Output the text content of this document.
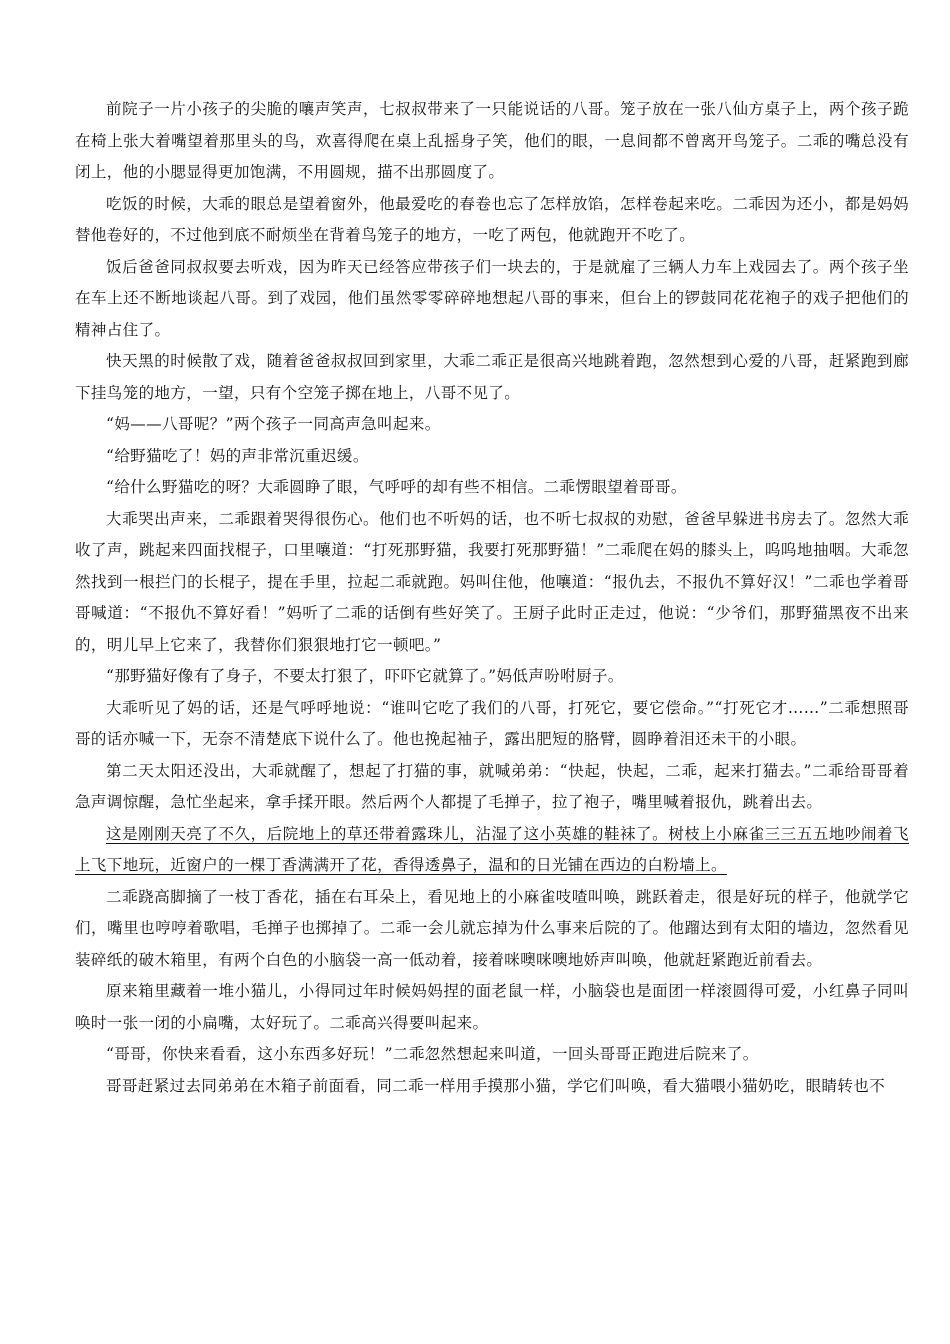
前院子一片小孩子的尖脆的嚷声笑声，七叔叔带来了一只能说话的八哥。笼子放在一张八仙方桌子上，两个孩子跪在椅上张大着嘴望着那里头的鸟，欢喜得爬在桌上乱摇身子笑，他们的眼，一息间都不曾离开鸟笼子。二乖的嘴总没有闭上，他的小腮显得更加饱满，不用圆规，描不出那圆度了。

吃饭的时候，大乖的眼总是望着窗外，他最爱吃的春卷也忘了怎样放馅，怎样卷起来吃。二乖因为还小，都是妈妈替他卷好的，不过他到底不耐烦坐在背着鸟笼子的地方，一吃了两包，他就跑开不吃了。

饭后爸爸同叔叔要去听戏，因为昨天已经答应带孩子们一块去的，于是就雇了三辆人力车上戏园去了。两个孩子坐在车上还不断地谈起八哥。到了戏园，他们虽然零零碎碎地想起八哥的事来，但台上的锣鼓同花花袍子的戏子把他们的精神占住了。

快天黑的时候散了戏，随着爸爸叔叔回到家里，大乖二乖正是很高兴地跳着跑，忽然想到心爱的八哥，赶紧跑到廊下挂鸟笼的地方，一望，只有个空笼子掷在地上，八哥不见了。

“妈——八哥呢？”两个孩子一同高声急叫起来。

“给野猫吃了！妈的声非常沉重迟缓。

“给什么野猫吃的呀？大乖圆睁了眼，气呼呼的却有些不相信。二乖愣眼望着哥哥。

大乖哭出声来，二乖跟着哭得很伤心。他们也不听妈的话，也不听七叔叔的劝慰，爸爸早躲进书房去了。忽然大乖收了声，跳起来四面找棍子，口里嚷道：“打死那野猫，我要打死那野猫！”二乖爬在妈的膝头上，呜呜地抽咽。大乖忽然找到一根拦门的长棍子，提在手里，拉起二乖就跑。妈叫住他，他嚷道：“报仇去，不报仇不算好汉！”二乖也学着哥哥喊道：“不报仇不算好看！”妈听了二乖的话倒有些好笑了。王厨子此时正走过，他说：“少爷们，那野猫黑夜不出来的，明儿早上它来了，我替你们狠狠地打它一顿吧。”

“那野猫好像有了身子，不要太打狠了，吓吓它就算了。”妈低声吩咐厨子。

大乖听见了妈的话，还是气呼呼地说：“谁叫它吃了我们的八哥，打死它，要它偿命。”“打死它才……”二乖想照哥哥的话亦喊一下，无奈不清楚底下说什么了。他也挽起袖子，露出肥短的胳臂，圆睁着泪还未干的小眼。

第二天太阳还没出，大乖就醒了，想起了打猫的事，就喊弟弟：“快起，快起，二乖，起来打猫去。”二乖给哥哥着急声调惊醒，急忙坐起来，拿手揉开眼。然后两个人都提了毛掸子，拉了袍子，嘴里喊着报仇，跳着出去。

这是刚刚天亮了不久，后院地上的草还带着露珠儿，沾湿了这小英雄的鞋袜了。树枝上小麻雀三三五五地吵闹着飞上飞下地玩，近窗户的一棵丁香满满开了花，香得透鼻子，温和的日光铺在西边的白粉墙上。

二乖跷高脚摘了一枝丁香花，插在右耳朵上，看见地上的小麻雀吱喳叫唤，跳跃着走，很是好玩的样子，他就学它们，嘴里也哼哼着歌唱，毛掸子也掷掉了。二乖一会儿就忘掉为什么事来后院的了。他蹓达到有太阳的墙边，忽然看见装碎纸的破木箱里，有两个白色的小脑袋一高一低动着，接着咪噢咪噢地娇声叫唤，他就赶紧跑近前看去。

原来箱里藏着一堆小猫儿，小得同过年时候妈妈捏的面老鼠一样，小脑袋也是面团一样滚圆得可爱，小红鼻子同叫唤时一张一闭的小扁嘴，太好玩了。二乖高兴得要叫起来。

“哥哥，你快来看看，这小东西多好玩！”二乖忽然想起来叫道，一回头哥哥正跑进后院来了。

哥哥赶紧过去同弟弟在木箱子前面看，同二乖一样用手摸那小猫，学它们叫唤，看大猫喂小猫奶吃，眼睛转也不
